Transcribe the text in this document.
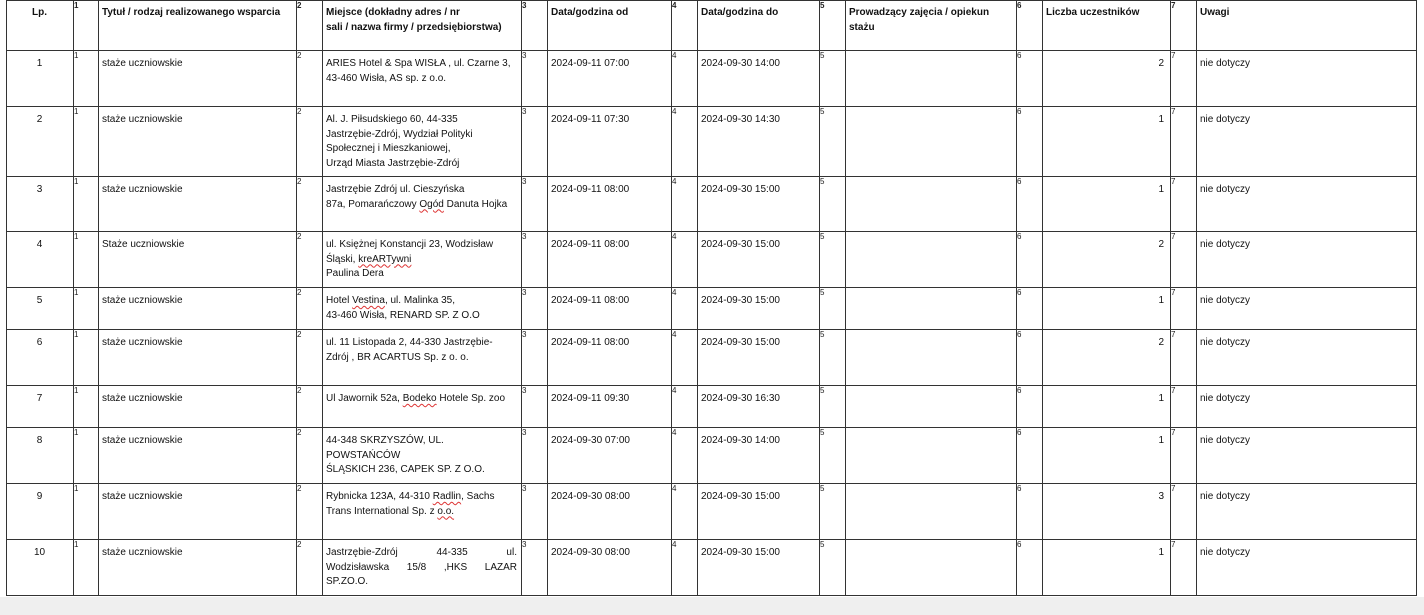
Lp.	1	Tytuł / rodzaj realizowanego wsparcia	2	Miejsce (dokładny adres / nr
sali / nazwa firmy / przedsiębiorstwa)	3	Data/godzina od	4	Data/godzina do	5	Prowadzący zajęcia / opiekun stażu	6	Liczba uczestników	7	Uwagi
1	1	staże uczniowskie	2	ARIES Hotel & Spa WISŁA , ul. Czarne 3,
43-460 Wisła, AS sp. z o.o.	3	2024-09-11 07:00	4	2024-09-30 14:00	5		6	2	7	nie dotyczy
2	1	staże uczniowskie	2	Al. J. Piłsudskiego 60, 44-335
Jastrzębie-Zdrój, Wydział Polityki
Społecznej i Mieszkaniowej,
Urząd Miasta Jastrzębie-Zdrój	3	2024-09-11 07:30	4	2024-09-30 14:30	5		6	1	7	nie dotyczy
3	1	staże uczniowskie	2	Jastrzębie Zdrój ul. Cieszyńska
87a, Pomarańczowy Ogód Danuta Hojka	3	2024-09-11 08:00	4	2024-09-30 15:00	5		6	1	7	nie dotyczy
4	1	Staże uczniowskie	2	ul. Księżnej Konstancji 23, Wodzisław
Śląski, kreARTywni
Paulina Dera	3	2024-09-11 08:00	4	2024-09-30 15:00	5		6	2	7	nie dotyczy
5	1	staże uczniowskie	2	Hotel Vestina, ul. Malinka 35,
43-460 Wisła, RENARD SP. Z O.O	3	2024-09-11 08:00	4	2024-09-30 15:00	5		6	1	7	nie dotyczy
6	1	staże uczniowskie	2	ul. 11 Listopada 2, 44-330 Jastrzębie-
Zdrój , BR ACARTUS Sp. z o. o.	3	2024-09-11 08:00	4	2024-09-30 15:00	5		6	2	7	nie dotyczy
7	1	staże uczniowskie	2	Ul Jawornik 52a, Bodeko Hotele Sp. zoo	3	2024-09-11 09:30	4	2024-09-30 16:30	5		6	1	7	nie dotyczy
8	1	staże uczniowskie	2	44-348 SKRZYSZÓW, UL. POWSTAŃCÓW
ŚLĄSKICH 236, CAPEK SP. Z O.O.	3	2024-09-30 07:00	4	2024-09-30 14:00	5		6	1	7	nie dotyczy
9	1	staże uczniowskie	2	Rybnicka 123A, 44-310 Radlin, Sachs
Trans International Sp. z o.o.	3	2024-09-30 08:00	4	2024-09-30 15:00	5		6	3	7	nie dotyczy
10	1	staże uczniowskie	2	Jastrzębie-Zdrój 44-335 ul.
Wodzisławska 15/8 ,HKS LAZAR
SP.ZO.O.	3	2024-09-30 08:00	4	2024-09-30 15:00	5		6	1	7	nie dotyczy
